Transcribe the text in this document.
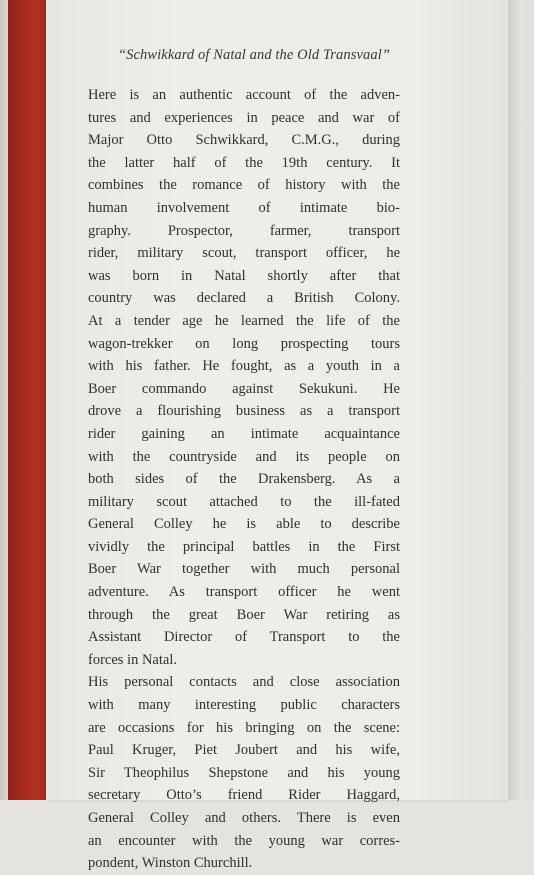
“Schwikkard of Natal and the Old Transvaal”
Here is an authentic account of the adven-
tures and experiences in peace and war of
Major Otto Schwikkard, C.M.G., during
the latter half of the 19th century. It
combines the romance of history with the
human involvement of intimate bio-
graphy. Prospector, farmer, transport
rider, military scout, transport officer, he
was born in Natal shortly after that
country was declared a British Colony.
At a tender age he learned the life of the
wagon-trekker on long prospecting tours
with his father. He fought, as a youth in a
Boer commando against Sekukuni. He
drove a flourishing business as a transport
rider gaining an intimate acquaintance
with the countryside and its people on
both sides of the Drakensberg. As a
military scout attached to the ill-fated
General Colley he is able to describe
vividly the principal battles in the First
Boer War together with much personal
adventure. As transport officer he went
through the great Boer War retiring as
Assistant Director of Transport to the
forces in Natal.
His personal contacts and close association
with many interesting public characters
are occasions for his bringing on the scene:
Paul Kruger, Piet Joubert and his wife,
Sir Theophilus Shepstone and his young
secretary Otto’s friend Rider Haggard,
General Colley and others. There is even
an encounter with the young war corres-
pondent, Winston Churchill.
